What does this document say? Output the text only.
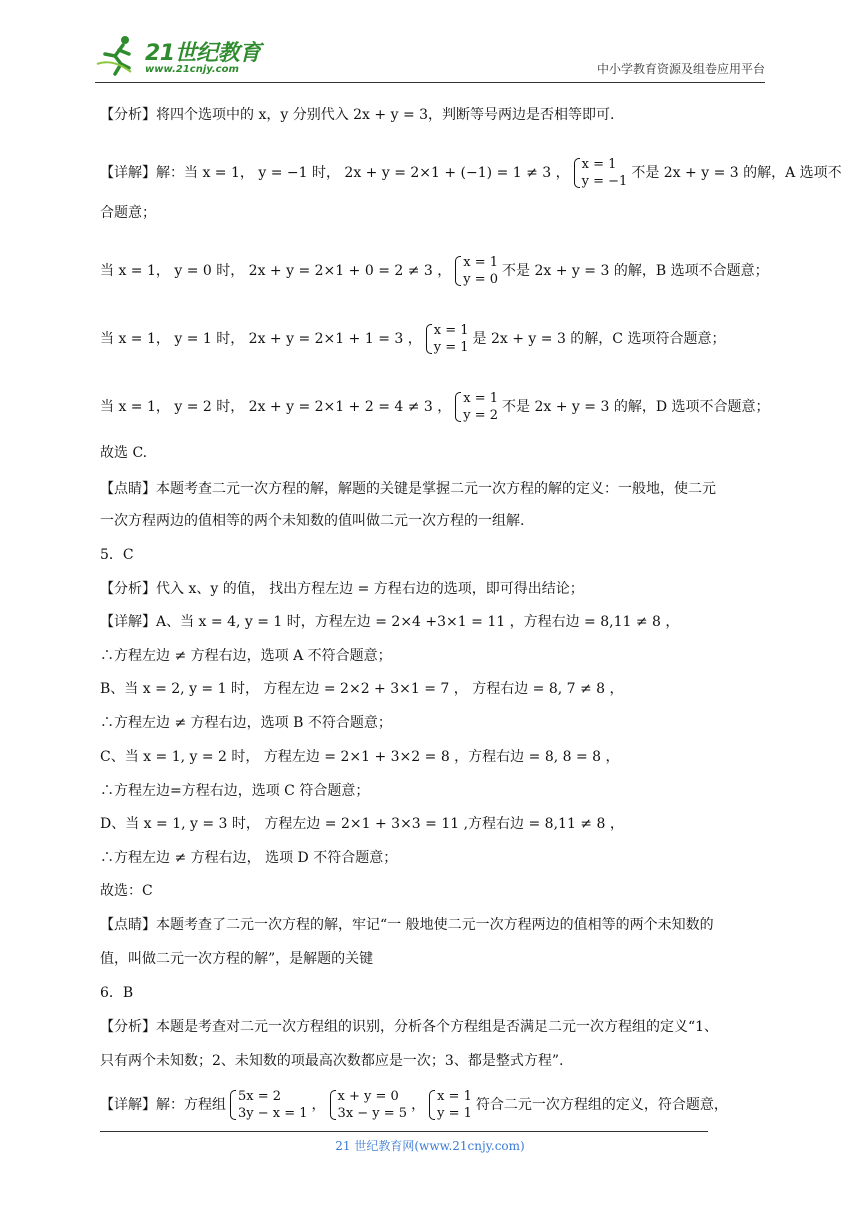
21世纪教育
www.21cnjy.com	中小学教育资源及组卷应用平台

【分析】将四个选项中的 x，y 分别代入 2x + y = 3，判断等号两边是否相等即可.

【详解】解：当 x = 1， y = −1 时， 2x + y = 2×1 + (−1) = 1 ≠ 3 ，
x = 1
y = −1
不是 2x + y = 3 的解，A 选项不

合题意；

当 x = 1， y = 0 时， 2x + y = 2×1 + 0 = 2 ≠ 3 ，
x = 1
y = 0
不是 2x + y = 3 的解，B 选项不合题意；

当 x = 1， y = 1 时， 2x + y = 2×1 + 1 = 3 ，
x = 1
y = 1
是 2x + y = 3 的解，C 选项符合题意；

当 x = 1， y = 2 时， 2x + y = 2×1 + 2 = 4 ≠ 3 ，
x = 1
y = 2
不是 2x + y = 3 的解，D 选项不合题意；

故选 C.

【点睛】本题考查二元一次方程的解，解题的关键是掌握二元一次方程的解的定义：一般地，使二元

一次方程两边的值相等的两个未知数的值叫做二元一次方程的一组解.

5．C

【分析】代入 x、y 的值， 找出方程左边 = 方程右边的选项，即可得出结论；

【详解】A、当 x = 4, y = 1 时，方程左边 = 2×4 +3×1 = 11 ，方程右边 = 8,11 ≠ 8 ，

∴方程左边 ≠ 方程右边，选项 A 不符合题意；

B、当 x = 2, y = 1 时， 方程左边 = 2×2 + 3×1 = 7 ， 方程右边 = 8, 7 ≠ 8 ，

∴方程左边 ≠ 方程右边，选项 B 不符合题意；

C、当 x = 1, y = 2 时， 方程左边 = 2×1 + 3×2 = 8 ，方程右边 = 8, 8 = 8 ，

∴方程左边=方程右边，选项 C 符合题意；

D、当 x = 1, y = 3 时， 方程左边 = 2×1 + 3×3 = 11 ,方程右边 = 8,11 ≠ 8 ，

∴方程左边 ≠ 方程右边， 选项 D 不符合题意；

故选：C

【点睛】本题考查了二元一次方程的解，牢记“一 般地使二元一次方程两边的值相等的两个未知数的

值，叫做二元一次方程的解”，是解题的关键

6．B

【分析】本题是考查对二元一次方程组的识别，分析各个方程组是否满足二元一次方程组的定义“1、

只有两个未知数；2、未知数的项最高次数都应是一次；3、都是整式方程”.

【详解】解：方程组
5x = 2
3y − x = 1
，
x + y = 0
3x − y = 5
，
x = 1
y = 1
符合二元一次方程组的定义，符合题意，

21 世纪教育网(www.21cnjy.com)
